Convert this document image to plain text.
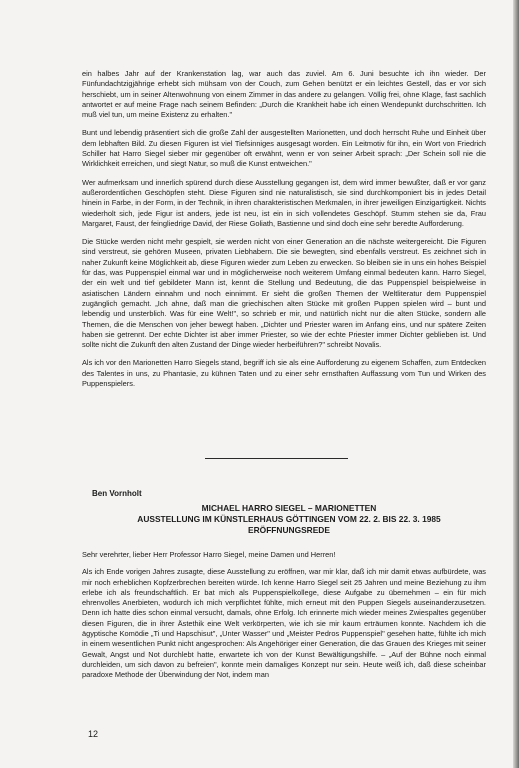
ein halbes Jahr auf der Krankenstation lag, war auch das zuviel. Am 6. Juni besuchte ich ihn wieder. Der Fünfundachtzigjährige erhebt sich mühsam von der Couch, zum Gehen benützt er ein leichtes Gestell, das er vor sich herschiebt, um in seiner Altenwohnung von einem Zimmer in das andere zu gelangen. Völlig frei, ohne Klage, fast sachlich antwortet er auf meine Frage nach seinem Befinden: „Durch die Krankheit habe ich einen Wendepunkt durchschritten. Ich muß viel tun, um meine Existenz zu erhalten."

Bunt und lebendig präsentiert sich die große Zahl der ausgestellten Marionetten, und doch herrscht Ruhe und Einheit über dem lebhaften Bild. Zu diesen Figuren ist viel Tiefsinniges ausgesagt worden. Ein Leitmotiv für ihn, ein Wort von Friedrich Schiller hat Harro Siegel sieber mir gegenüber oft erwähnt, wenn er von seiner Arbeit sprach: „Der Schein soll nie die Wirklichkeit erreichen, und siegt Natur, so muß die Kunst entweichen."

Wer aufmerksam und innerlich spürend durch diese Ausstellung gegangen ist, dem wird immer bewußter, daß er vor ganz außerordentlichen Geschöpfen steht. Diese Figuren sind nie naturalistisch, sie sind durchkomponiert bis in jedes Detail hinein in Farbe, in der Form, in der Technik, in ihren charakteristischen Merkmalen, in ihrer jeweiligen Einzigartigkeit. Nichts wiederholt sich, jede Figur ist anders, jede ist neu, ist ein in sich vollendetes Geschöpf. Stumm stehen sie da, Frau Margaret, Faust, der feingliedrige David, der Riese Goliath, Bastienne und sind doch eine sehr beredte Aufforderung.

Die Stücke werden nicht mehr gespielt, sie werden nicht von einer Generation an die nächste weitergereicht. Die Figuren sind verstreut, sie gehören Museen, privaten Liebhabern. Die sie bewegten, sind ebenfalls verstreut. Es zeichnet sich in naher Zukunft keine Möglichkeit ab, diese Figuren wieder zum Leben zu erwecken. So bleiben sie in uns ein hohes Beispiel für das, was Puppenspiel einmal war und in möglicherweise noch weiterem Umfang einmal bedeuten kann. Harro Siegel, der ein welt und tief gebildeter Mann ist, kennt die Stellung und Bedeutung, die das Puppenspiel beispielweise in asiatischen Ländern einnahm und noch einnimmt. Er sieht die großen Themen der Weltliteratur dem Puppenspiel zugänglich gemacht. „Ich ahne, daß man die griechischen alten Stücke mit großen Puppen spielen wird – bunt und lebendig und unsterblich. Was für eine Welt!", so schrieb er mir, und natürlich nicht nur die alten Stücke, sondern alle Themen, die die Menschen von jeher bewegt haben. „Dichter und Priester waren im Anfang eins, und nur spätere Zeiten haben sie getrennt. Der echte Dichter ist aber immer Priester, so wie der echte Priester immer Dichter geblieben ist. Und sollte nicht die Zukunft den alten Zustand der Dinge wieder herbeiführen?" schreibt Novalis.

Als ich vor den Marionetten Harro Siegels stand, begriff ich sie als eine Aufforderung zu eigenem Schaffen, zum Entdecken des Talentes in uns, zu Phantasie, zu kühnen Taten und zu einer sehr ernsthaften Auffassung vom Tun und Wirken des Puppenspielers.

Ben Vornholt
MICHAEL HARRO SIEGEL – MARIONETTEN
AUSSTELLUNG IM KÜNSTLERHAUS GÖTTINGEN VOM 22. 2. BIS 22. 3. 1985
ERÖFFNUNGSREDE

Sehr verehrter, lieber Herr Professor Harro Siegel, meine Damen und Herren!

Als ich Ende vorigen Jahres zusagte, diese Ausstellung zu eröffnen, war mir klar, daß ich mir damit etwas aufbürdete, was mir noch erheblichen Kopfzerbrechen bereiten würde. Ich kenne Harro Siegel seit 25 Jahren und meine Beziehung zu ihm erlebe ich als freundschaftlich. Er bat mich als Puppenspielkollege, diese Aufgabe zu übernehmen – ein für mich ehrenvolles Anerbieten, wodurch ich mich verpflichtet fühlte, mich erneut mit den Puppen Siegels auseinanderzusetzen. Denn ich hatte dies schon einmal versucht, damals, ohne Erfolg. Ich erinnerte mich wieder meines Zwiespaltes gegenüber diesen Figuren, die in ihrer Ästethik eine Welt verkörperten, wie ich sie mir kaum erträumen konnte. Nachdem ich die ägyptische Komödie „Ti und Hapschisut", „Unter Wasser" und „Meister Pedros Puppenspiel" gesehen hatte, fühlte ich mich in einem wesentlichen Punkt nicht angesprochen: Als Angehöriger einer Generation, die das Grauen des Krieges mit seiner Gewalt, Angst und Not durchlebt hatte, erwartete ich von der Kunst Bewältigungshilfe. – „Auf der Bühne noch einmal durchleiden, um sich davon zu befreien", konnte mein damaliges Konzept nur sein. Heute weiß ich, daß diese scheinbar paradoxe Methode der Überwindung der Not, indem man

12
